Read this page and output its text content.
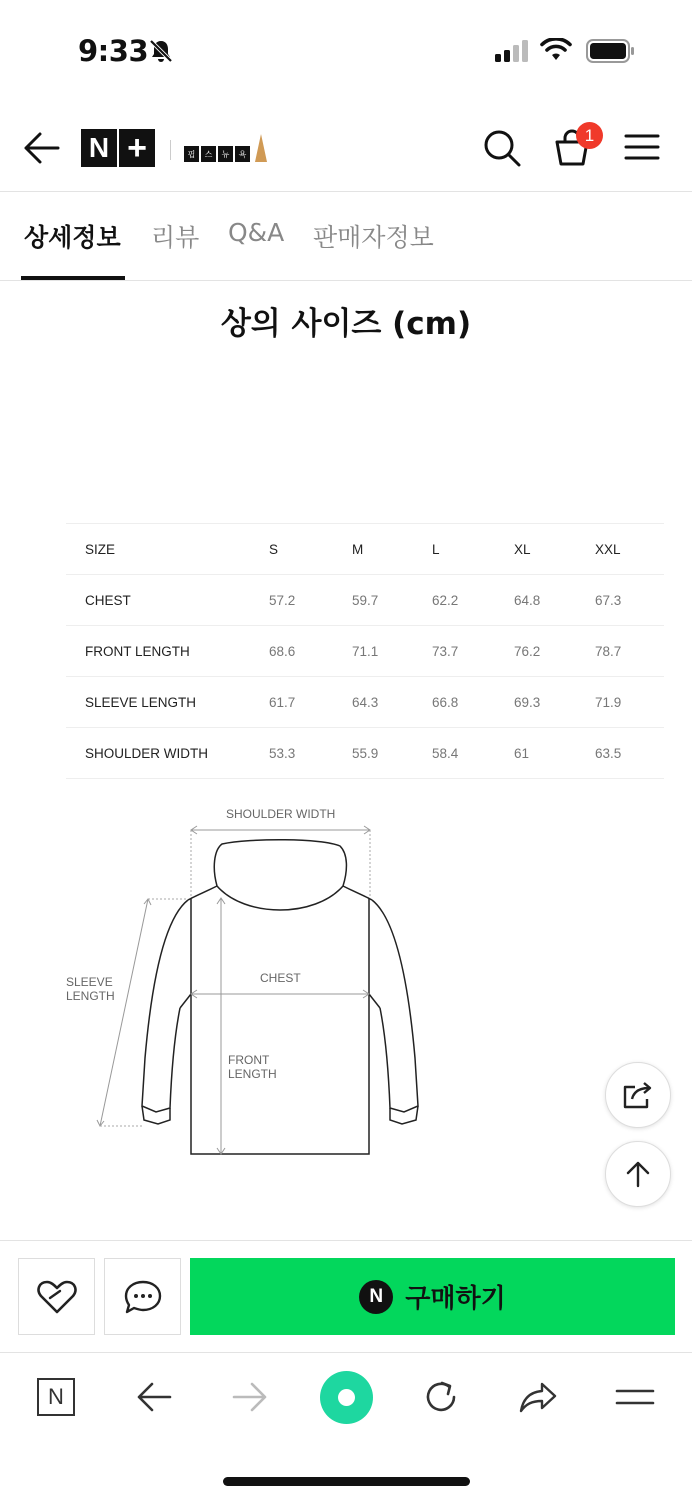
9:33
N +	핍	스	뉴	욕
1
상세정보 리뷰 Q&A 판매자정보
상의 사이즈 (cm)
SIZE	S	M	L	XL	XXL
CHEST	57.2	59.7	62.2	64.8	67.3
FRONT LENGTH	68.6	71.1	73.7	76.2	78.7
SLEEVE LENGTH	61.7	64.3	66.8	69.3	71.9
SHOULDER WIDTH	53.3	55.9	58.4	61	63.5
SHOULDER WIDTH
CHEST
FRONT
LENGTH
SLEEVE
LENGTH
N 구매하기
N
